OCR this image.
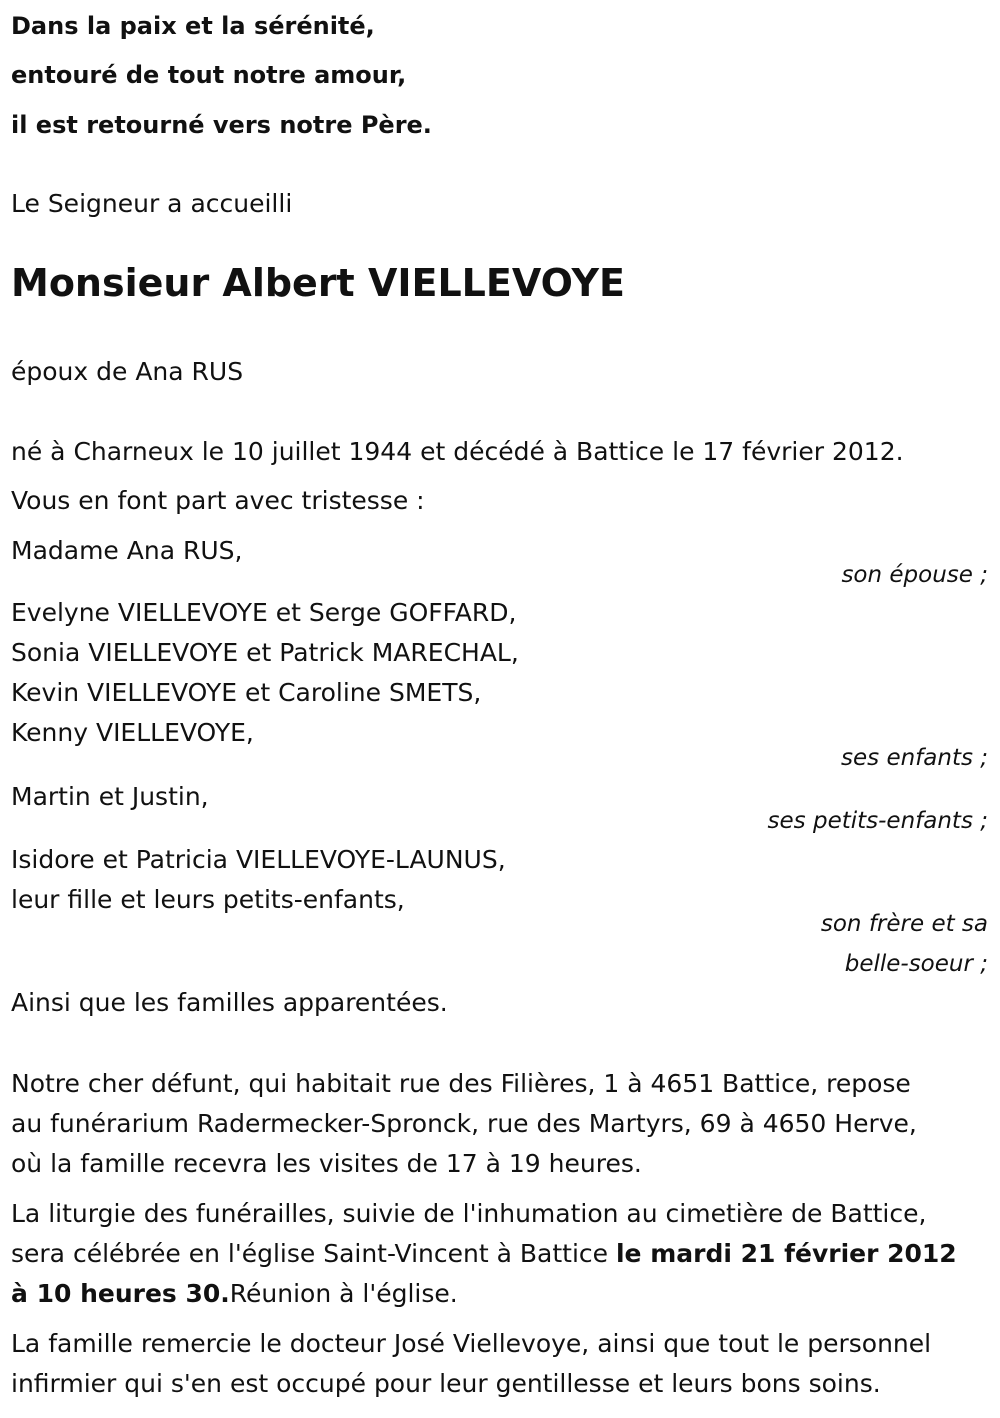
Dans la paix et la sérénité,
entouré de tout notre amour,
il est retourné vers notre Père.
Le Seigneur a accueilli
Monsieur Albert VIELLEVOYE
époux de Ana RUS
né à Charneux le 10 juillet 1944 et décédé à Battice le 17 février 2012.
Vous en font part avec tristesse :
Madame Ana RUS,
son épouse ;
Evelyne VIELLEVOYE et Serge GOFFARD,
Sonia VIELLEVOYE et Patrick MARECHAL,
Kevin VIELLEVOYE et Caroline SMETS,
Kenny VIELLEVOYE,
ses enfants ;
Martin et Justin,
ses petits-enfants ;
Isidore et Patricia VIELLEVOYE-LAUNUS,
leur fille et leurs petits-enfants,
son frère et sa
belle-soeur ;
Ainsi que les familles apparentées.
Notre cher défunt, qui habitait rue des Filières, 1 à 4651 Battice, repose
au funérarium Radermecker-Spronck, rue des Martyrs, 69 à 4650 Herve,
où la famille recevra les visites de 17 à 19 heures.
La liturgie des funérailles, suivie de l'inhumation au cimetière de Battice,
sera célébrée en l'église Saint-Vincent à Battice le mardi 21 février 2012
à 10 heures 30.Réunion à l'église.
La famille remercie le docteur José Viellevoye, ainsi que tout le personnel
infirmier qui s'en est occupé pour leur gentillesse et leurs bons soins.
